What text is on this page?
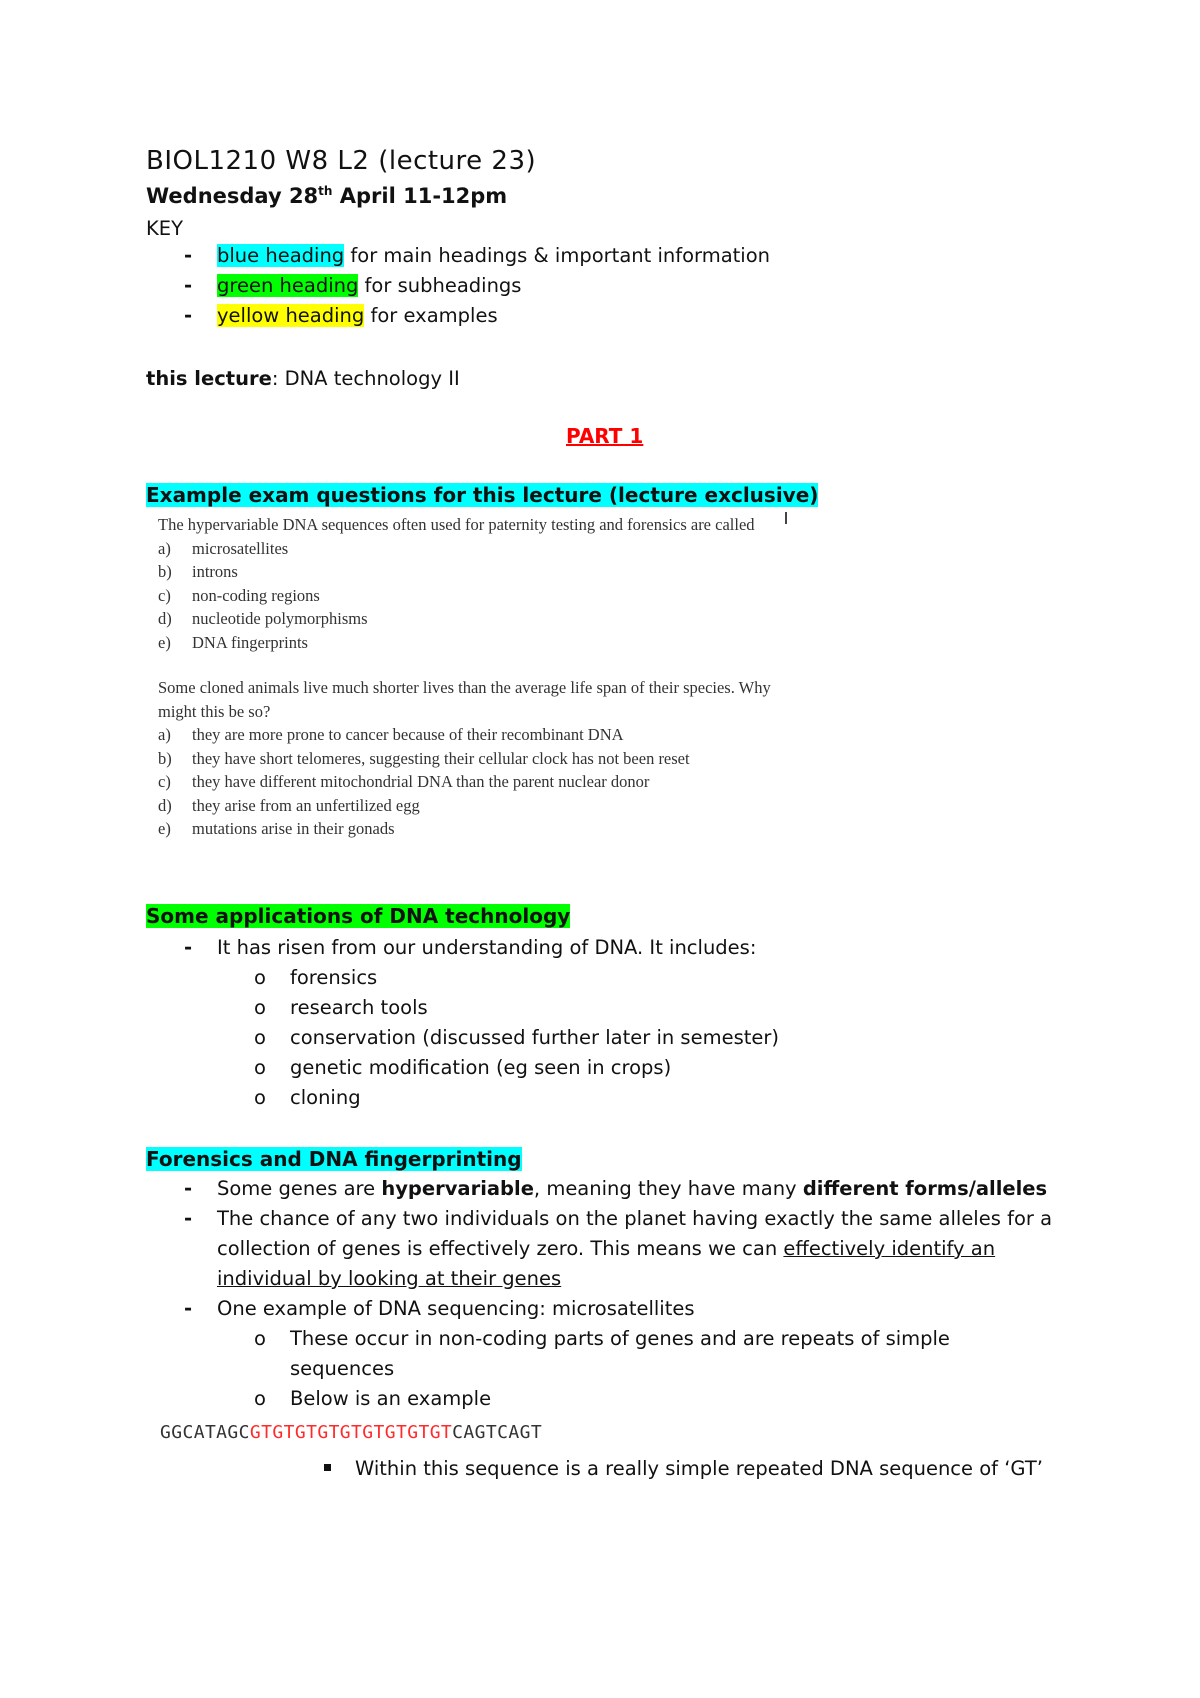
BIOL1210 W8 L2 (lecture 23)
Wednesday 28th April 11-12pm
KEY
- blue heading for main headings & important information
- green heading for subheadings
- yellow heading for examples
this lecture: DNA technology II
PART 1
Example exam questions for this lecture (lecture exclusive)
The hypervariable DNA sequences often used for paternity testing and forensics are called
a) microsatellites
b) introns
c) non-coding regions
d) nucleotide polymorphisms
e) DNA fingerprints
Some cloned animals live much shorter lives than the average life span of their species. Why might this be so?
a) they are more prone to cancer because of their recombinant DNA
b) they have short telomeres, suggesting their cellular clock has not been reset
c) they have different mitochondrial DNA than the parent nuclear donor
d) they arise from an unfertilized egg
e) mutations arise in their gonads
Some applications of DNA technology
- It has risen from our understanding of DNA. It includes:
o forensics
o research tools
o conservation (discussed further later in semester)
o genetic modification (eg seen in crops)
o cloning
Forensics and DNA fingerprinting
- Some genes are hypervariable, meaning they have many different forms/alleles
- The chance of any two individuals on the planet having exactly the same alleles for a collection of genes is effectively zero. This means we can effectively identify an individual by looking at their genes
- One example of DNA sequencing: microsatellites
o These occur in non-coding parts of genes and are repeats of simple sequences
o Below is an example
GGCATAGCGTGTGTGTGTGTGTGTGTCAGTCAGT
Within this sequence is a really simple repeated DNA sequence of ‘GT’
